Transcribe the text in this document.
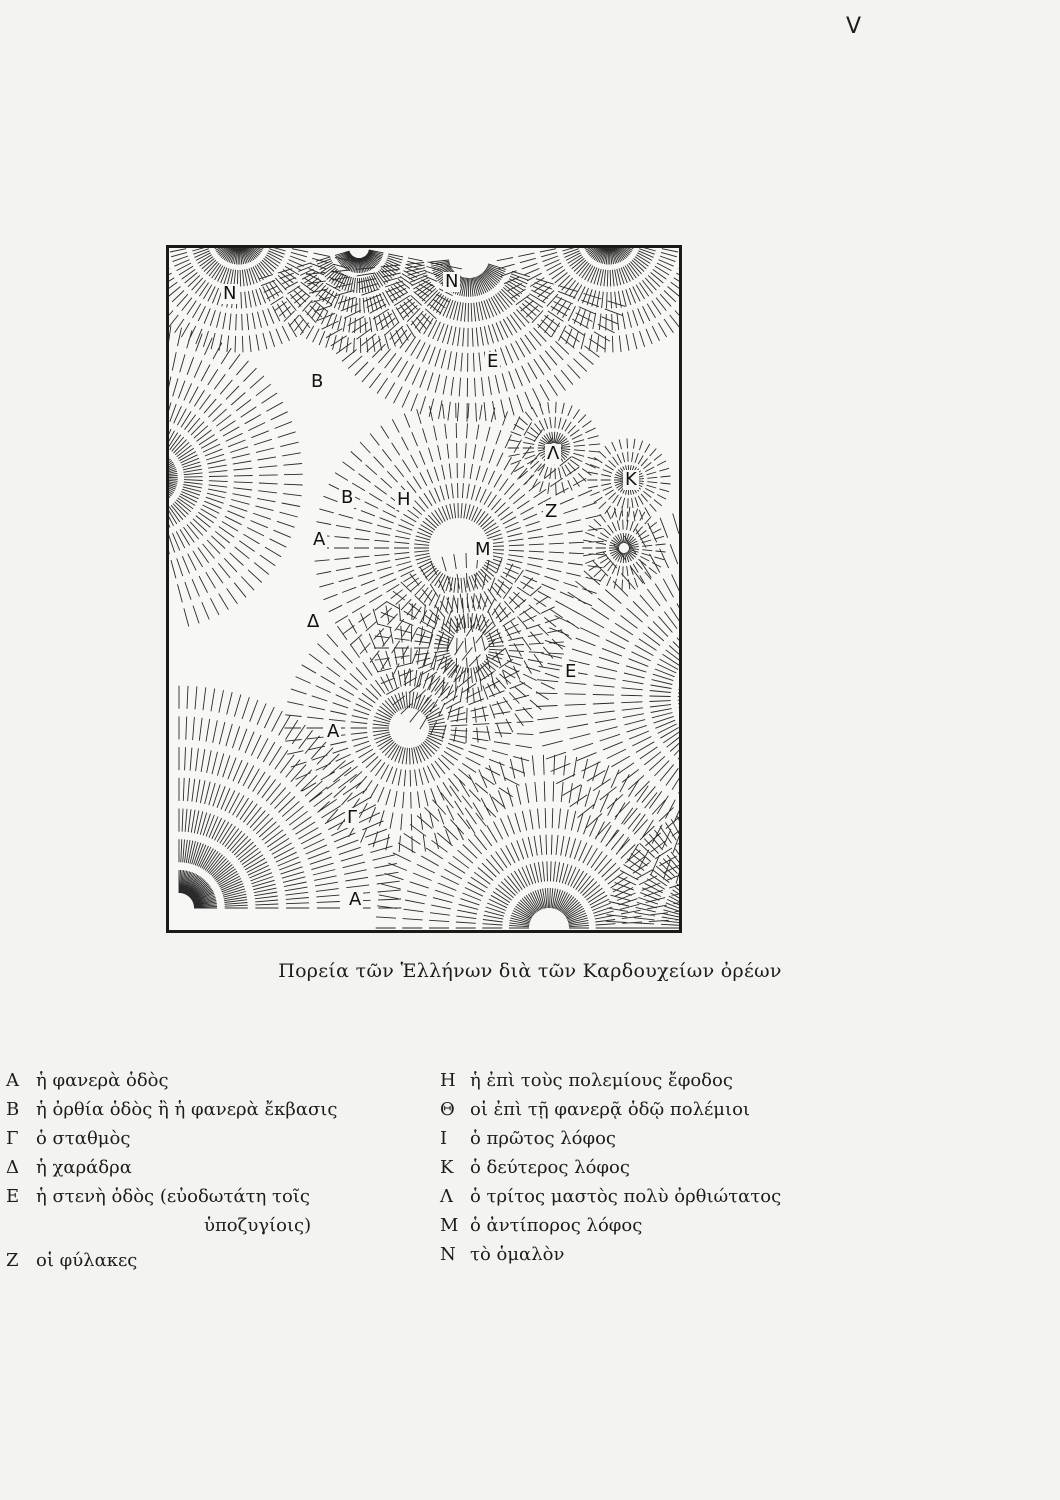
V
Ν
Ν
Β
Ε
Λ
Κ
Β Η
Ζ
Μ
Α
Δ
Ε
Α
Γ
Α
Πορεία τῶν Ἑλλήνων διὰ τῶν Καρδουχείων ὀρέων
Α ἡ φανερὰ ὁδὸς
Β ἡ ὀρθία ὁδὸς ἢ ἡ φανερὰ ἔκβασις
Γ ὁ σταθμὸς
Δ ἡ χαράδρα
Ε ἡ στενὴ ὁδὸς (εὐοδωτάτη τοῖς
ὑποζυγίοις)
Ζ οἱ φύλακες
Η ἡ ἐπὶ τοὺς πολεμίους ἔφοδος
Θ οἱ ἐπὶ τῇ φανερᾷ ὁδῷ πολέμιοι
Ι	ὁ πρῶτος λόφος
Κ ὁ δεύτερος λόφος
Λ ὁ τρίτος μαστὸς πολὺ ὀρθιώτατος
Μ ὁ ἀντίπορος λόφος
Ν τὸ ὁμαλὸν
